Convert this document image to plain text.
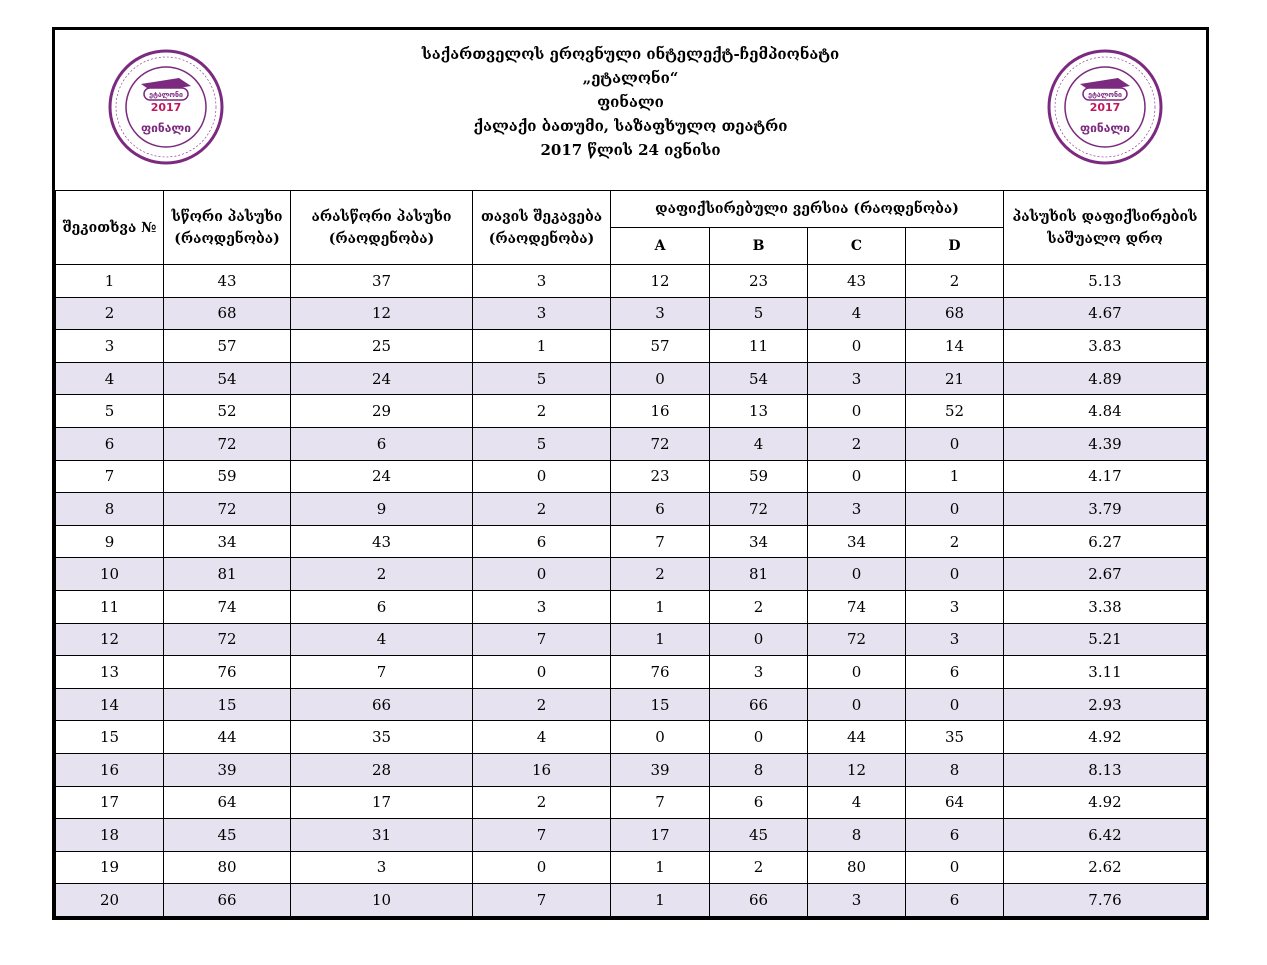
ეტალონი
2017
ფინალი
საქართველოს ეროვნული ინტელექტ-ჩემპიონატი
„ეტალონი“
ფინალი
ქალაქი ბათუმი, საზაფხულო თეატრი
2017 წლის 24 ივნისი
ეტალონი
2017
ფინალი
შეკითხვა №	სწორი პასუხი (რაოდენობა)	არასწორი პასუხი (რაოდენობა)	თავის შეკავება (რაოდენობა)	დაფიქსირებული ვერსია (რაოდენობა)				პასუხის დაფიქსირების საშუალო დრო
				A	B	C	D	
1	43	37	3	12	23	43	2	5.13
2	68	12	3	3	5	4	68	4.67
3	57	25	1	57	11	0	14	3.83
4	54	24	5	0	54	3	21	4.89
5	52	29	2	16	13	0	52	4.84
6	72	6	5	72	4	2	0	4.39
7	59	24	0	23	59	0	1	4.17
8	72	9	2	6	72	3	0	3.79
9	34	43	6	7	34	34	2	6.27
10	81	2	0	2	81	0	0	2.67
11	74	6	3	1	2	74	3	3.38
12	72	4	7	1	0	72	3	5.21
13	76	7	0	76	3	0	6	3.11
14	15	66	2	15	66	0	0	2.93
15	44	35	4	0	0	44	35	4.92
16	39	28	16	39	8	12	8	8.13
17	64	17	2	7	6	4	64	4.92
18	45	31	7	17	45	8	6	6.42
19	80	3	0	1	2	80	0	2.62
20	66	10	7	1	66	3	6	7.76
